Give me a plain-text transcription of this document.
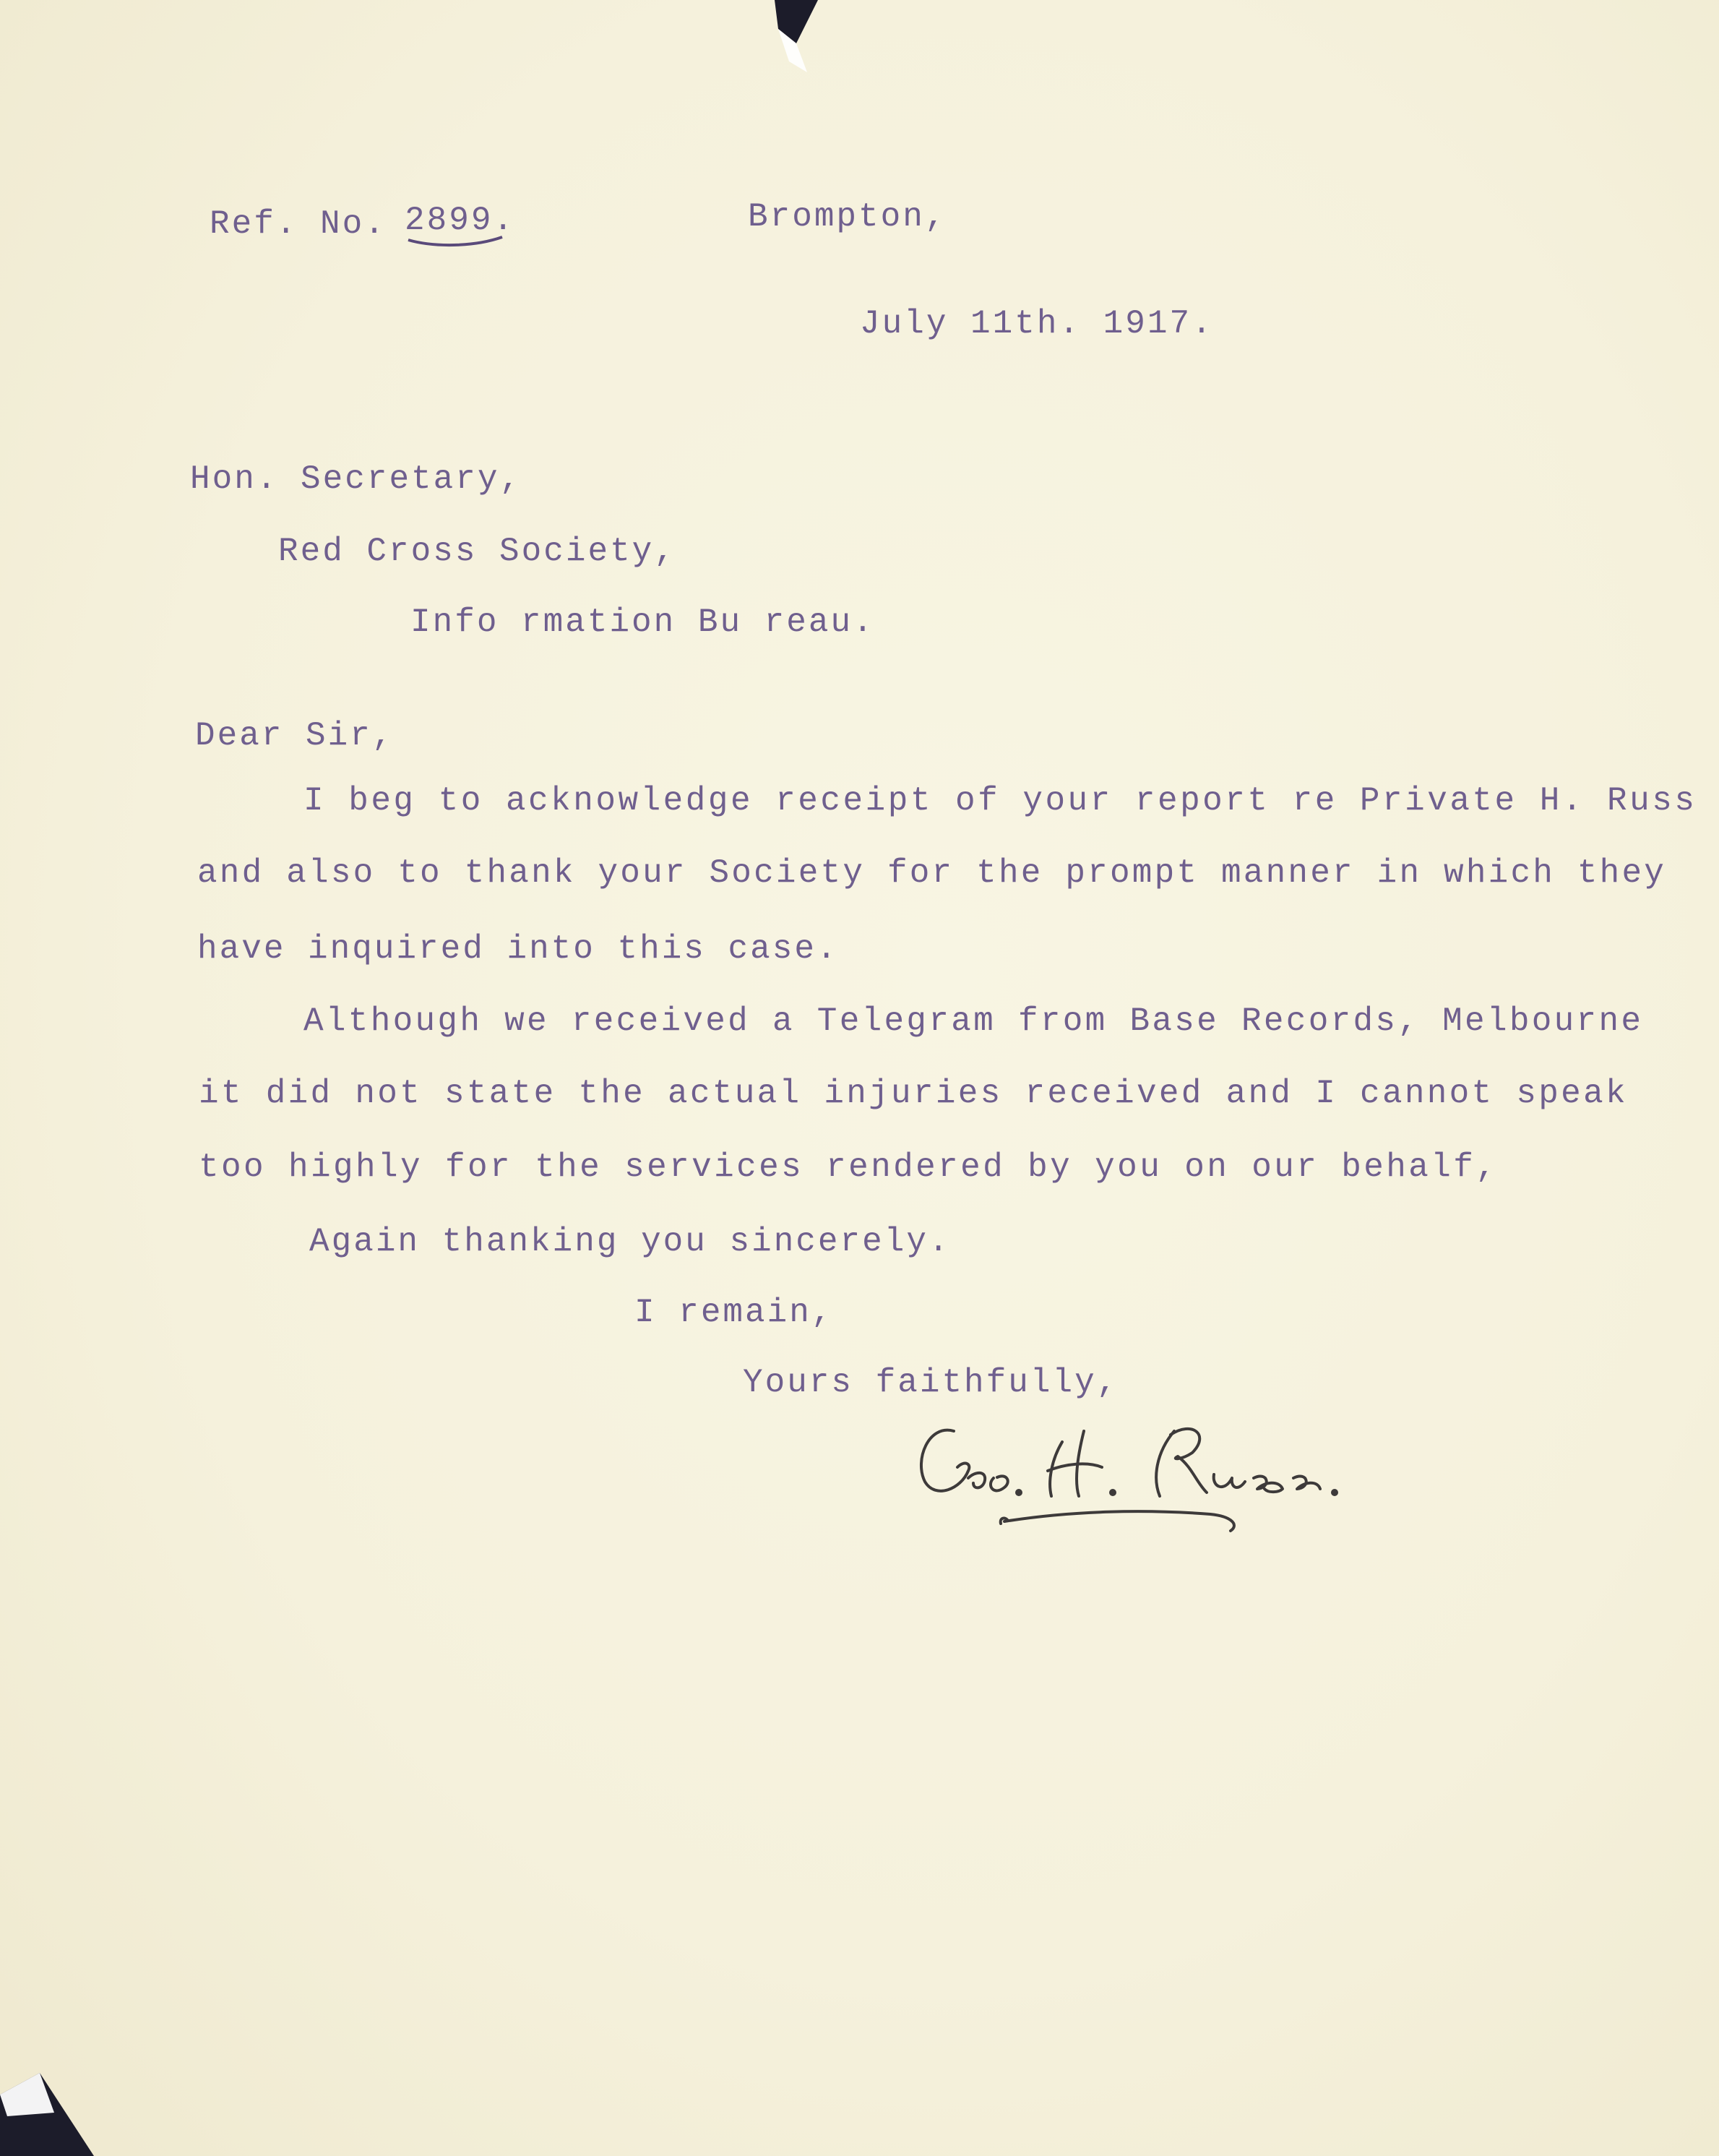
Ref. No. 2899.	Brompton,
July 11th. 1917.
Hon. Secretary,
Red Cross Society,
Info rmation Bu reau.
Dear Sir,
I beg to acknowledge receipt of your report re Private H. Russ
and also to thank your Society for the prompt manner in which they
have inquired into this case.
Although we received a Telegram from Base Records, Melbourne
it did not state the actual injuries received and I cannot speak
too highly for the services rendered by you on our behalf,
Again thanking you sincerely.
I remain,
Yours faithfully,
